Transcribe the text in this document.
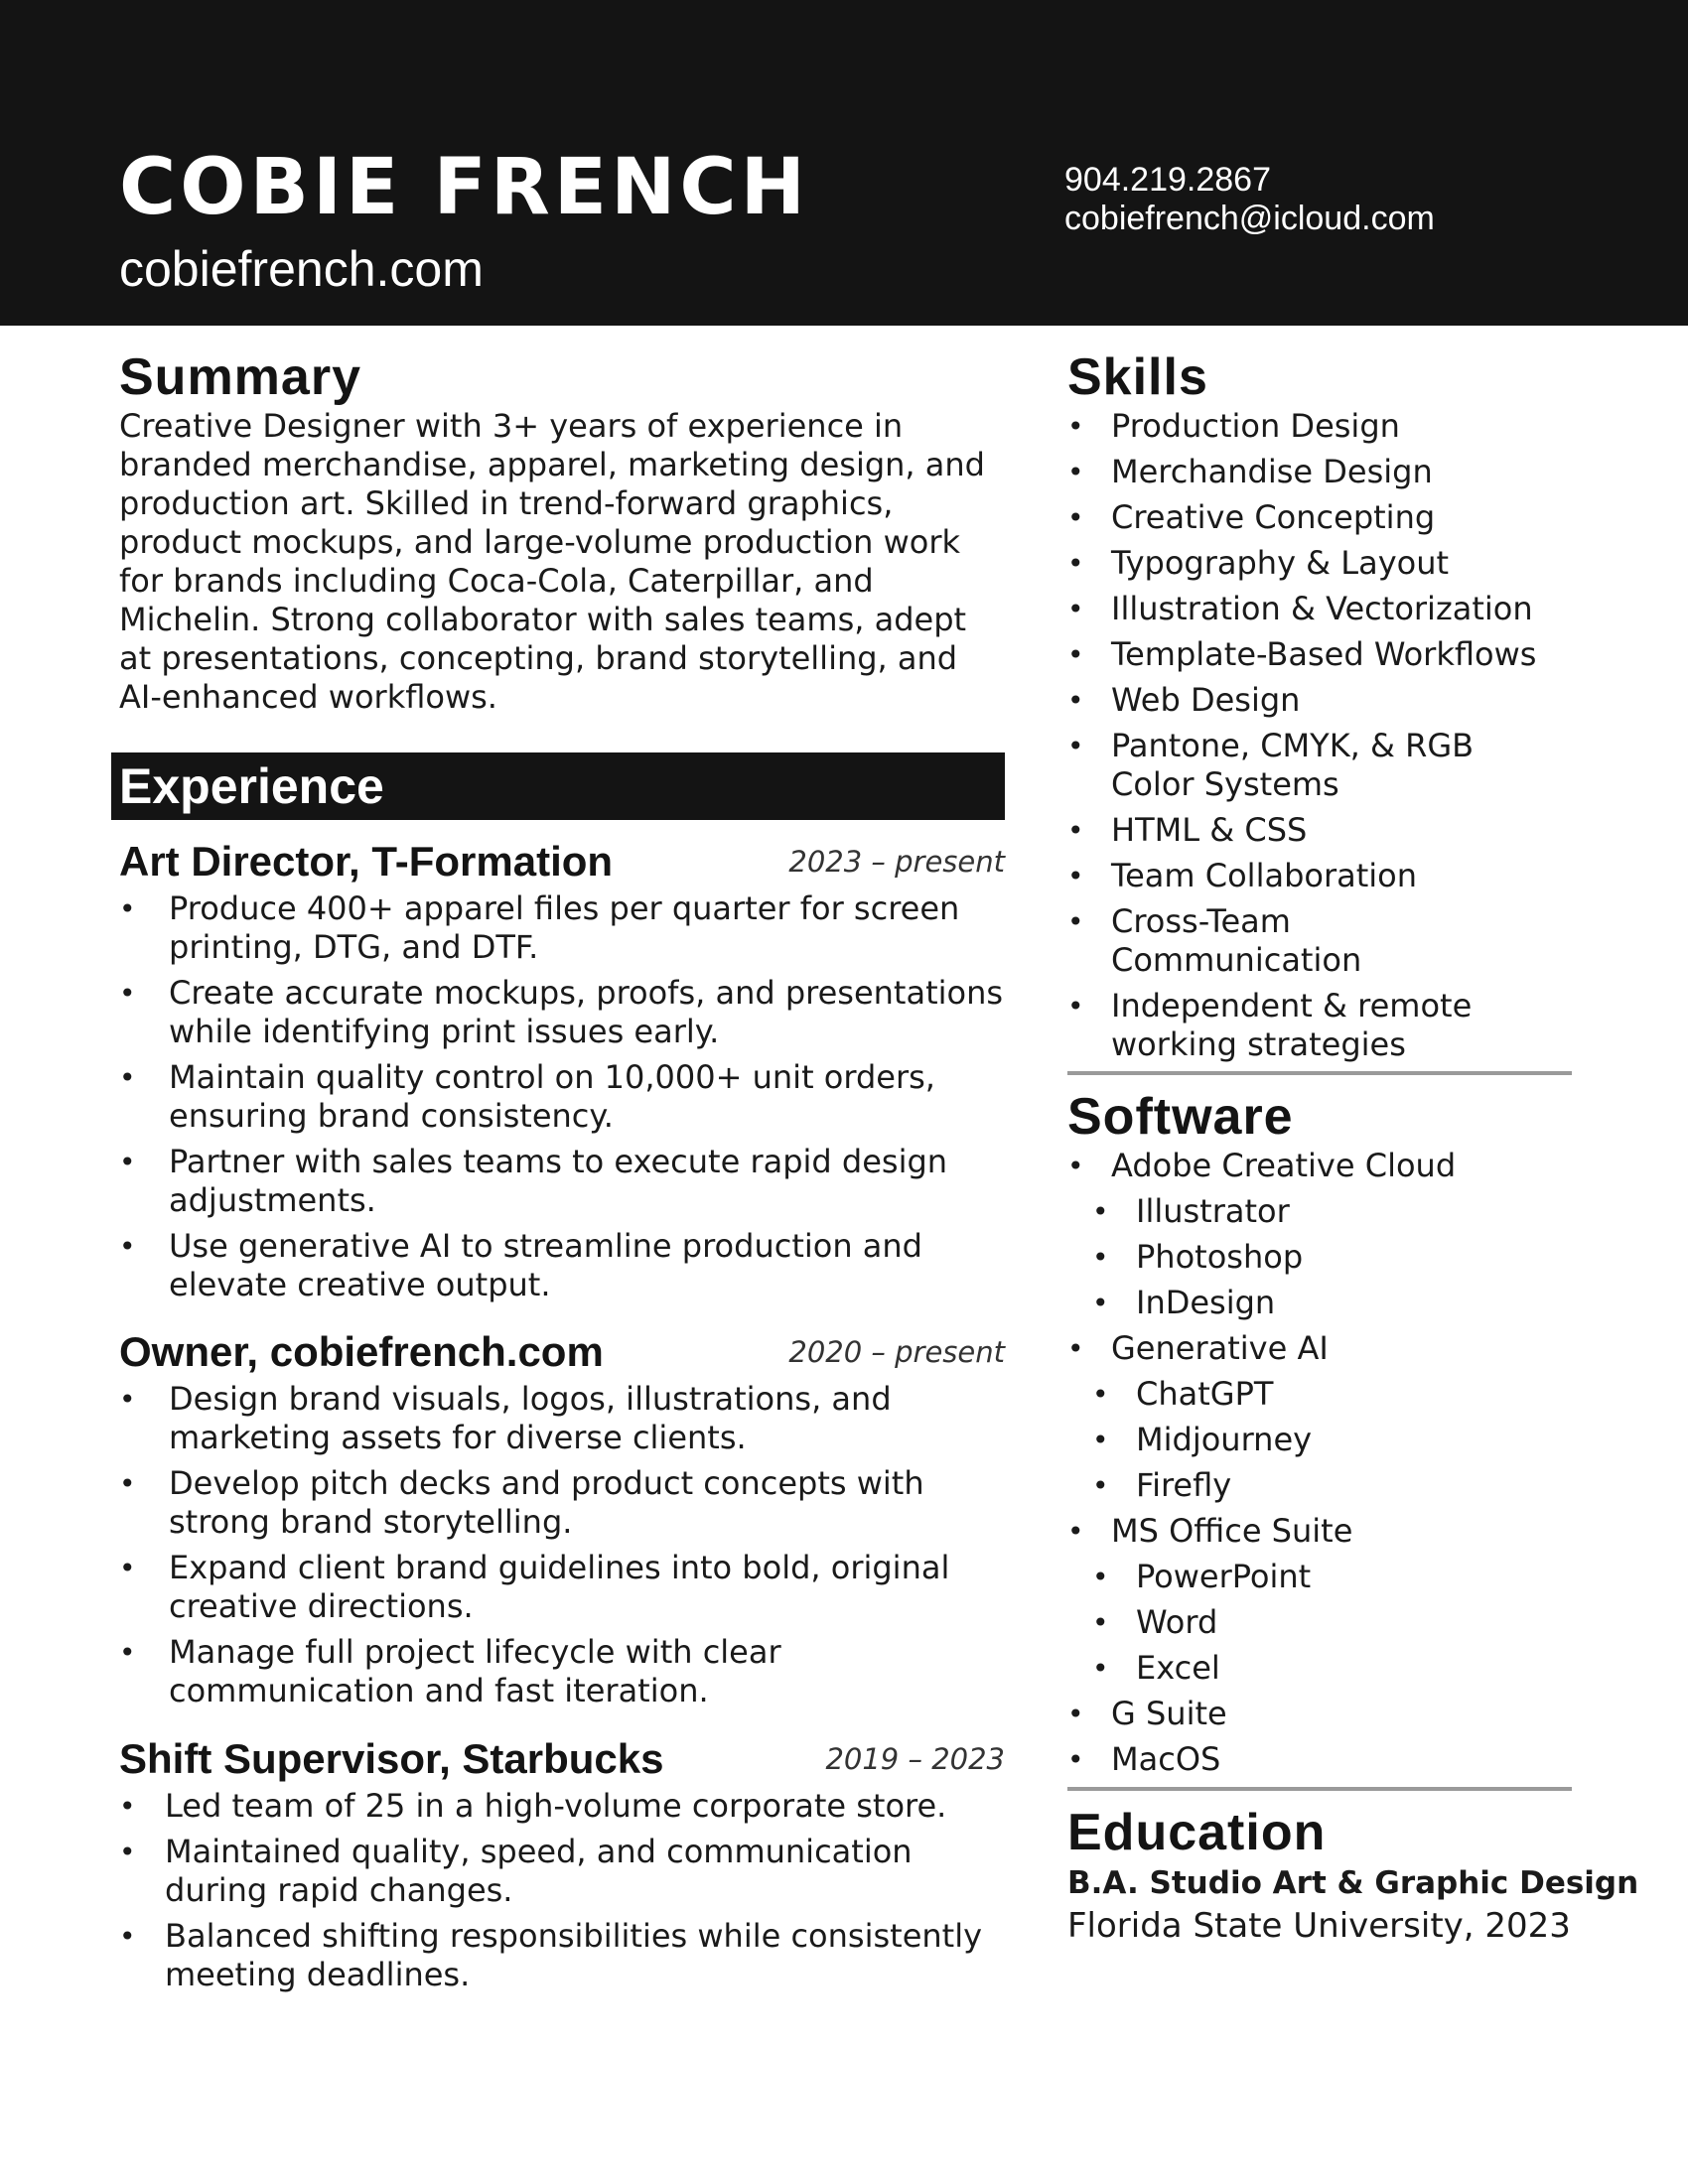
COBIE FRENCH
cobiefrench.com
904.219.2867
cobiefrench@icloud.com
Summary

Creative Designer with 3+ years of experience in branded merchandise, apparel, marketing design, and production art. Skilled in trend-forward graphics, product mockups, and large-volume production work for brands including Coca-Cola, Caterpillar, and Michelin. Strong collaborator with sales teams, adept at presentations, concepting, brand storytelling, and AI-enhanced workflows.

Experience
Art Director, T-Formation	2023 – present
• Produce 400+ apparel files per quarter for screen printing, DTG, and DTF.
• Create accurate mockups, proofs, and presentations while identifying print issues early.
• Maintain quality control on 10,000+ unit orders, ensuring brand consistency.
• Partner with sales teams to execute rapid design adjustments.
• Use generative AI to streamline production and elevate creative output.
Owner, cobiefrench.com	2020 – present
• Design brand visuals, logos, illustrations, and marketing assets for diverse clients.
• Develop pitch decks and product concepts with strong brand storytelling.
• Expand client brand guidelines into bold, original creative directions.
• Manage full project lifecycle with clear communication and fast iteration.
Shift Supervisor, Starbucks	2019 – 2023
• Led team of 25 in a high-volume corporate store.
• Maintained quality, speed, and communication during rapid changes.
• Balanced shifting responsibilities while consistently meeting deadlines.
Skills
• Production Design
• Merchandise Design
• Creative Concepting
• Typography & Layout
• Illustration & Vectorization
• Template-Based Workflows
• Web Design
• Pantone, CMYK, & RGB Color Systems
• HTML & CSS
• Team Collaboration
• Cross-Team Communication
• Independent & remote working strategies
Software
• Adobe Creative Cloud
• Illustrator
• Photoshop
• InDesign
• Generative AI
• ChatGPT
• Midjourney
• Firefly
• MS Office Suite
• PowerPoint
• Word
• Excel
• G Suite
• MacOS
Education

B.A. Studio Art & Graphic Design

Florida State University, 2023
